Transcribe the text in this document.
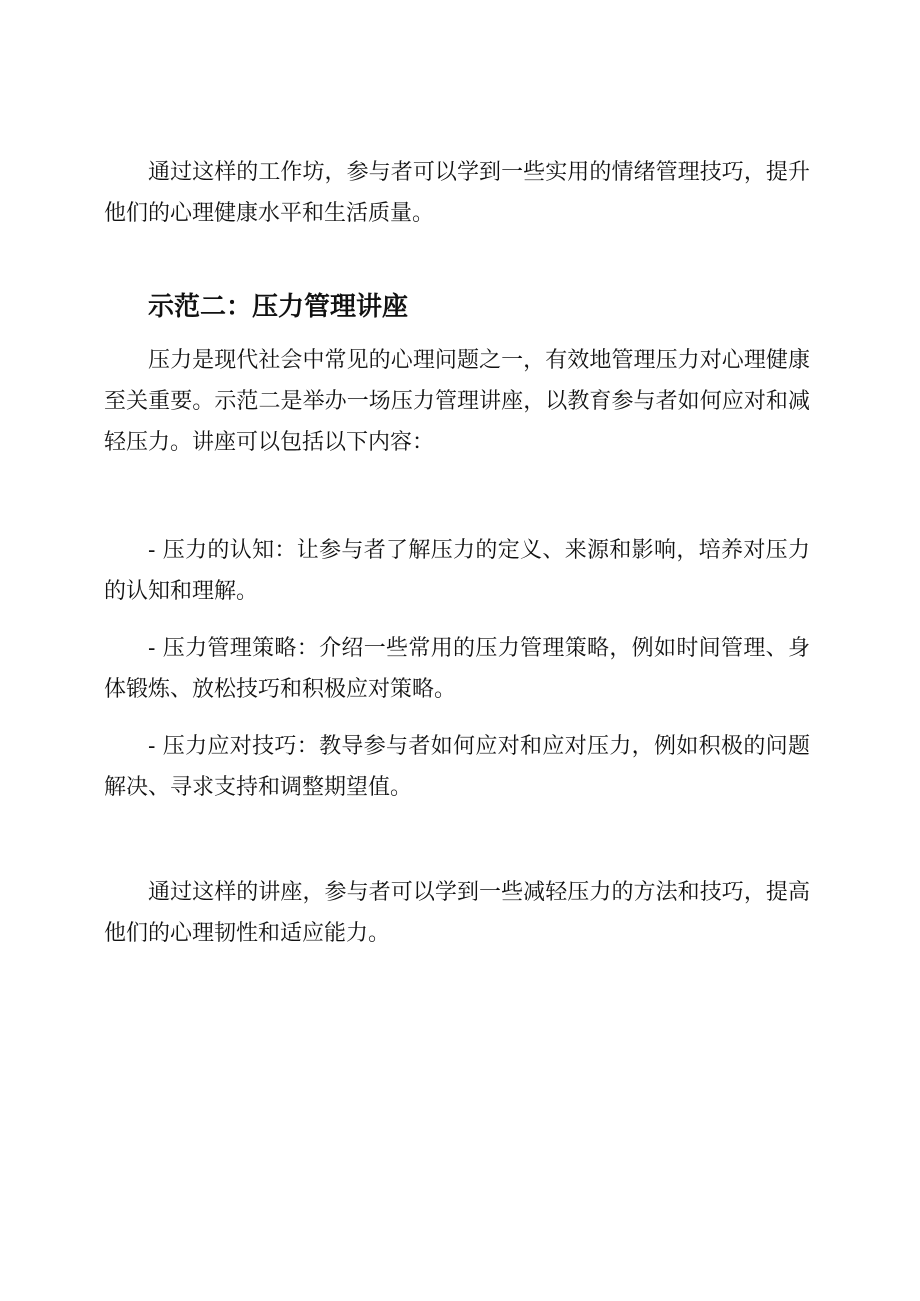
通过这样的工作坊，参与者可以学到一些实用的情绪管理技巧，提升他们的心理健康水平和生活质量。

示范二：压力管理讲座

压力是现代社会中常见的心理问题之一，有效地管理压力对心理健康至关重要。示范二是举办一场压力管理讲座，以教育参与者如何应对和减轻压力。讲座可以包括以下内容：

- 压力的认知：让参与者了解压力的定义、来源和影响，培养对压力的认知和理解。

- 压力管理策略：介绍一些常用的压力管理策略，例如时间管理、身体锻炼、放松技巧和积极应对策略。

- 压力应对技巧：教导参与者如何应对和应对压力，例如积极的问题解决、寻求支持和调整期望值。

通过这样的讲座，参与者可以学到一些减轻压力的方法和技巧，提高他们的心理韧性和适应能力。
